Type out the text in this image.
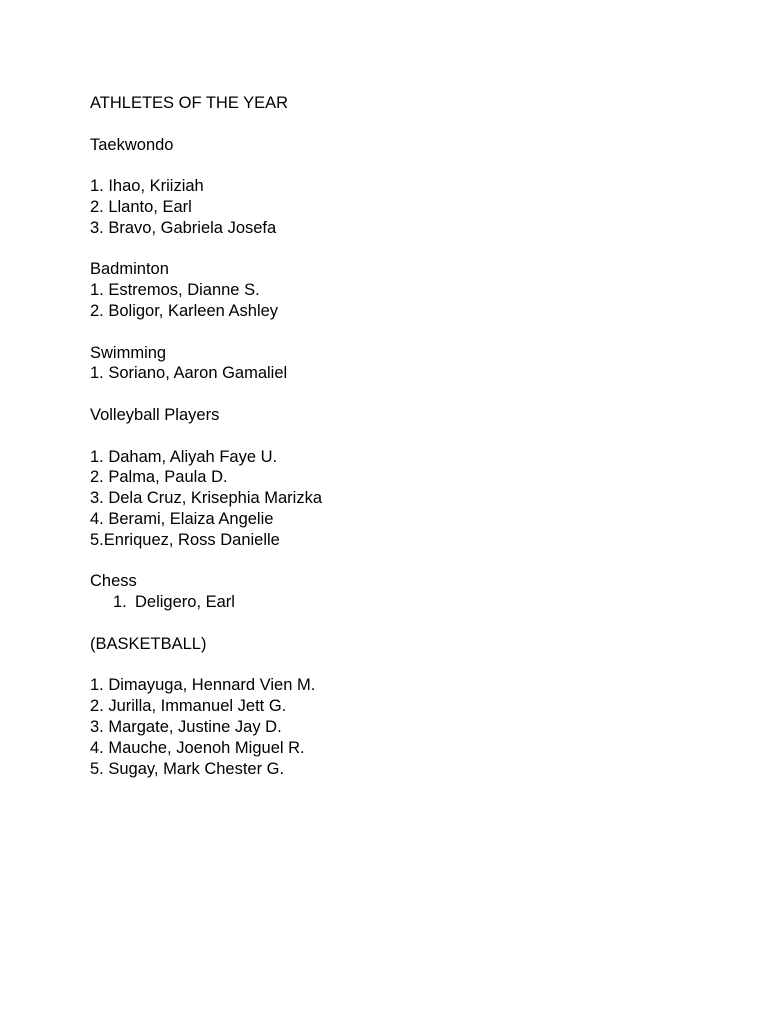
ATHLETES OF THE YEAR
Taekwondo
1. Ihao, Kriiziah
2. Llanto, Earl
3. Bravo, Gabriela Josefa
Badminton
1. Estremos, Dianne S.
2. Boligor, Karleen Ashley
Swimming
1. Soriano, Aaron Gamaliel
Volleyball Players
1. Daham, Aliyah Faye U.
2. Palma, Paula D.
3. Dela Cruz, Krisephia Marizka
4. Berami, Elaiza Angelie
5.Enriquez, Ross Danielle
Chess
1. Deligero, Earl
(BASKETBALL)
1. Dimayuga, Hennard Vien M.
2. Jurilla, Immanuel Jett G.
3. Margate, Justine Jay D.
4. Mauche, Joenoh Miguel R.
5. Sugay, Mark Chester G.
